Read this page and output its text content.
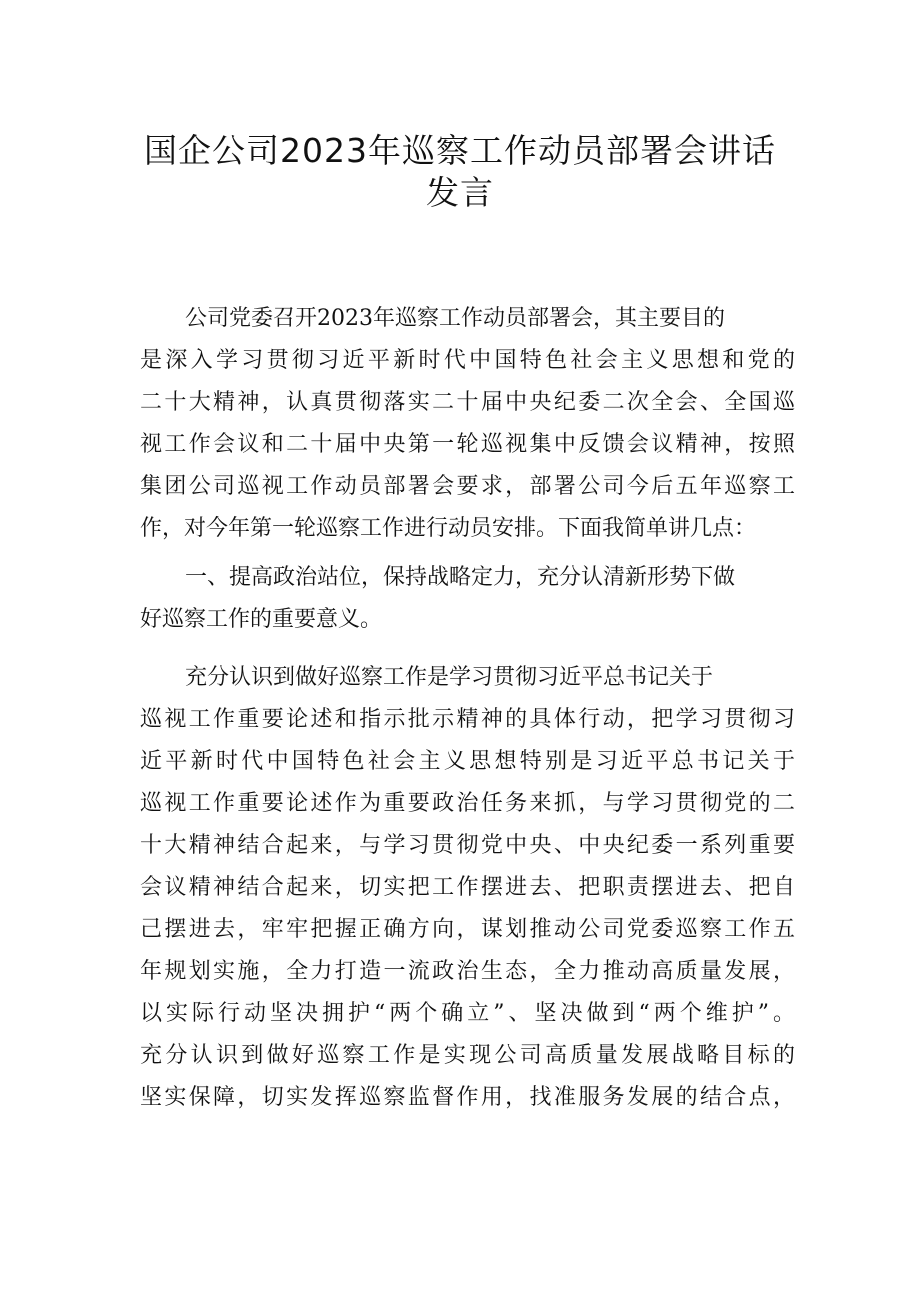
国企公司2023年巡察工作动员部署会讲话
发言
公司党委召开2023年巡察工作动员部署会，其主要目的
是深入学习贯彻习近平新时代中国特色社会主义思想和党的
二十大精神，认真贯彻落实二十届中央纪委二次全会、全国巡
视工作会议和二十届中央第一轮巡视集中反馈会议精神，按照
集团公司巡视工作动员部署会要求，部署公司今后五年巡察工
作，对今年第一轮巡察工作进行动员安排。下面我简单讲几点：
一、提高政治站位，保持战略定力，充分认清新形势下做
好巡察工作的重要意义。
充分认识到做好巡察工作是学习贯彻习近平总书记关于
巡视工作重要论述和指示批示精神的具体行动，把学习贯彻习
近平新时代中国特色社会主义思想特别是习近平总书记关于
巡视工作重要论述作为重要政治任务来抓，与学习贯彻党的二
十大精神结合起来，与学习贯彻党中央、中央纪委一系列重要
会议精神结合起来，切实把工作摆进去、把职责摆进去、把自
己摆进去，牢牢把握正确方向，谋划推动公司党委巡察工作五
年规划实施，全力打造一流政治生态，全力推动高质量发展，
以实际行动坚决拥护“两个确立”、坚决做到“两个维护”。
充分认识到做好巡察工作是实现公司高质量发展战略目标的
坚实保障，切实发挥巡察监督作用，找准服务发展的结合点，
